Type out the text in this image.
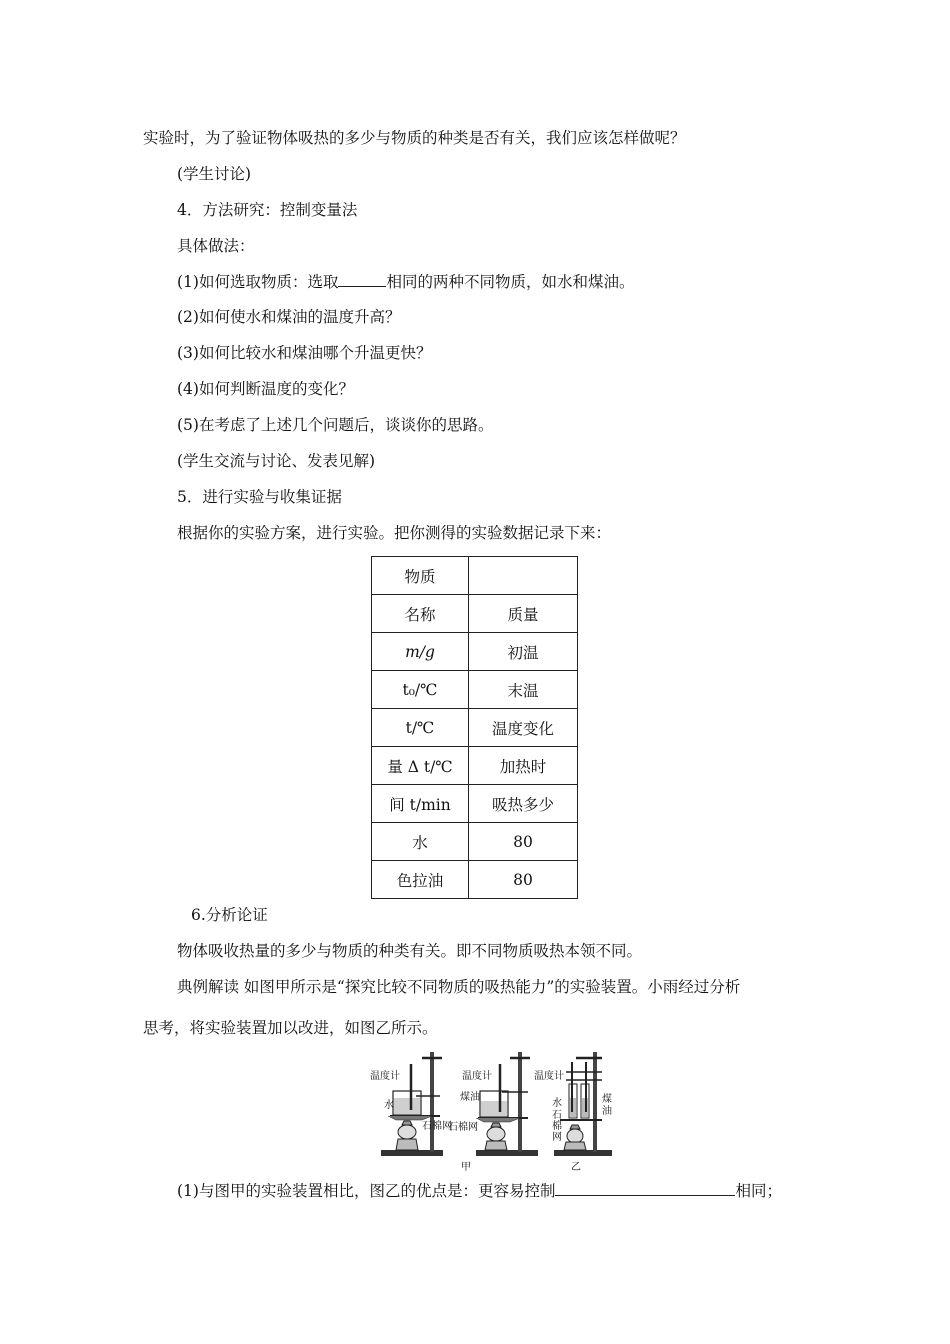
实验时，为了验证物体吸热的多少与物质的种类是否有关，我们应该怎样做呢？
(学生讨论)
4．方法研究：控制变量法
具体做法：
(1)如何选取物质：选取	相同的两种不同物质，如水和煤油。
(2)如何使水和煤油的温度升高？
(3)如何比较水和煤油哪个升温更快？
(4)如何判断温度的变化？
(5)在考虑了上述几个问题后，谈谈你的思路。
(学生交流与讨论、发表见解)
5．进行实验与收集证据
根据你的实验方案，进行实验。把你测得的实验数据记录下来：
物质	
名称	质量
m/g	初温
t₀/℃	末温
t/℃	温度变化
量 Δ t/℃	加热时
间 t/min	吸热多少
水	80
色拉油	80
6.分析论证
物体吸收热量的多少与物质的种类有关。即不同物质吸热本领不同。
典例解读 如图甲所示是“探究比较不同物质的吸热能力”的实验装置。小雨经过分析
思考，将实验装置加以改进，如图乙所示。
温度计
水
石棉网
温度计
煤油
石棉网
温度计
水
石
棉
网
煤
油
甲	乙
(1)与图甲的实验装置相比，图乙的优点是：更容易控制	相同；
